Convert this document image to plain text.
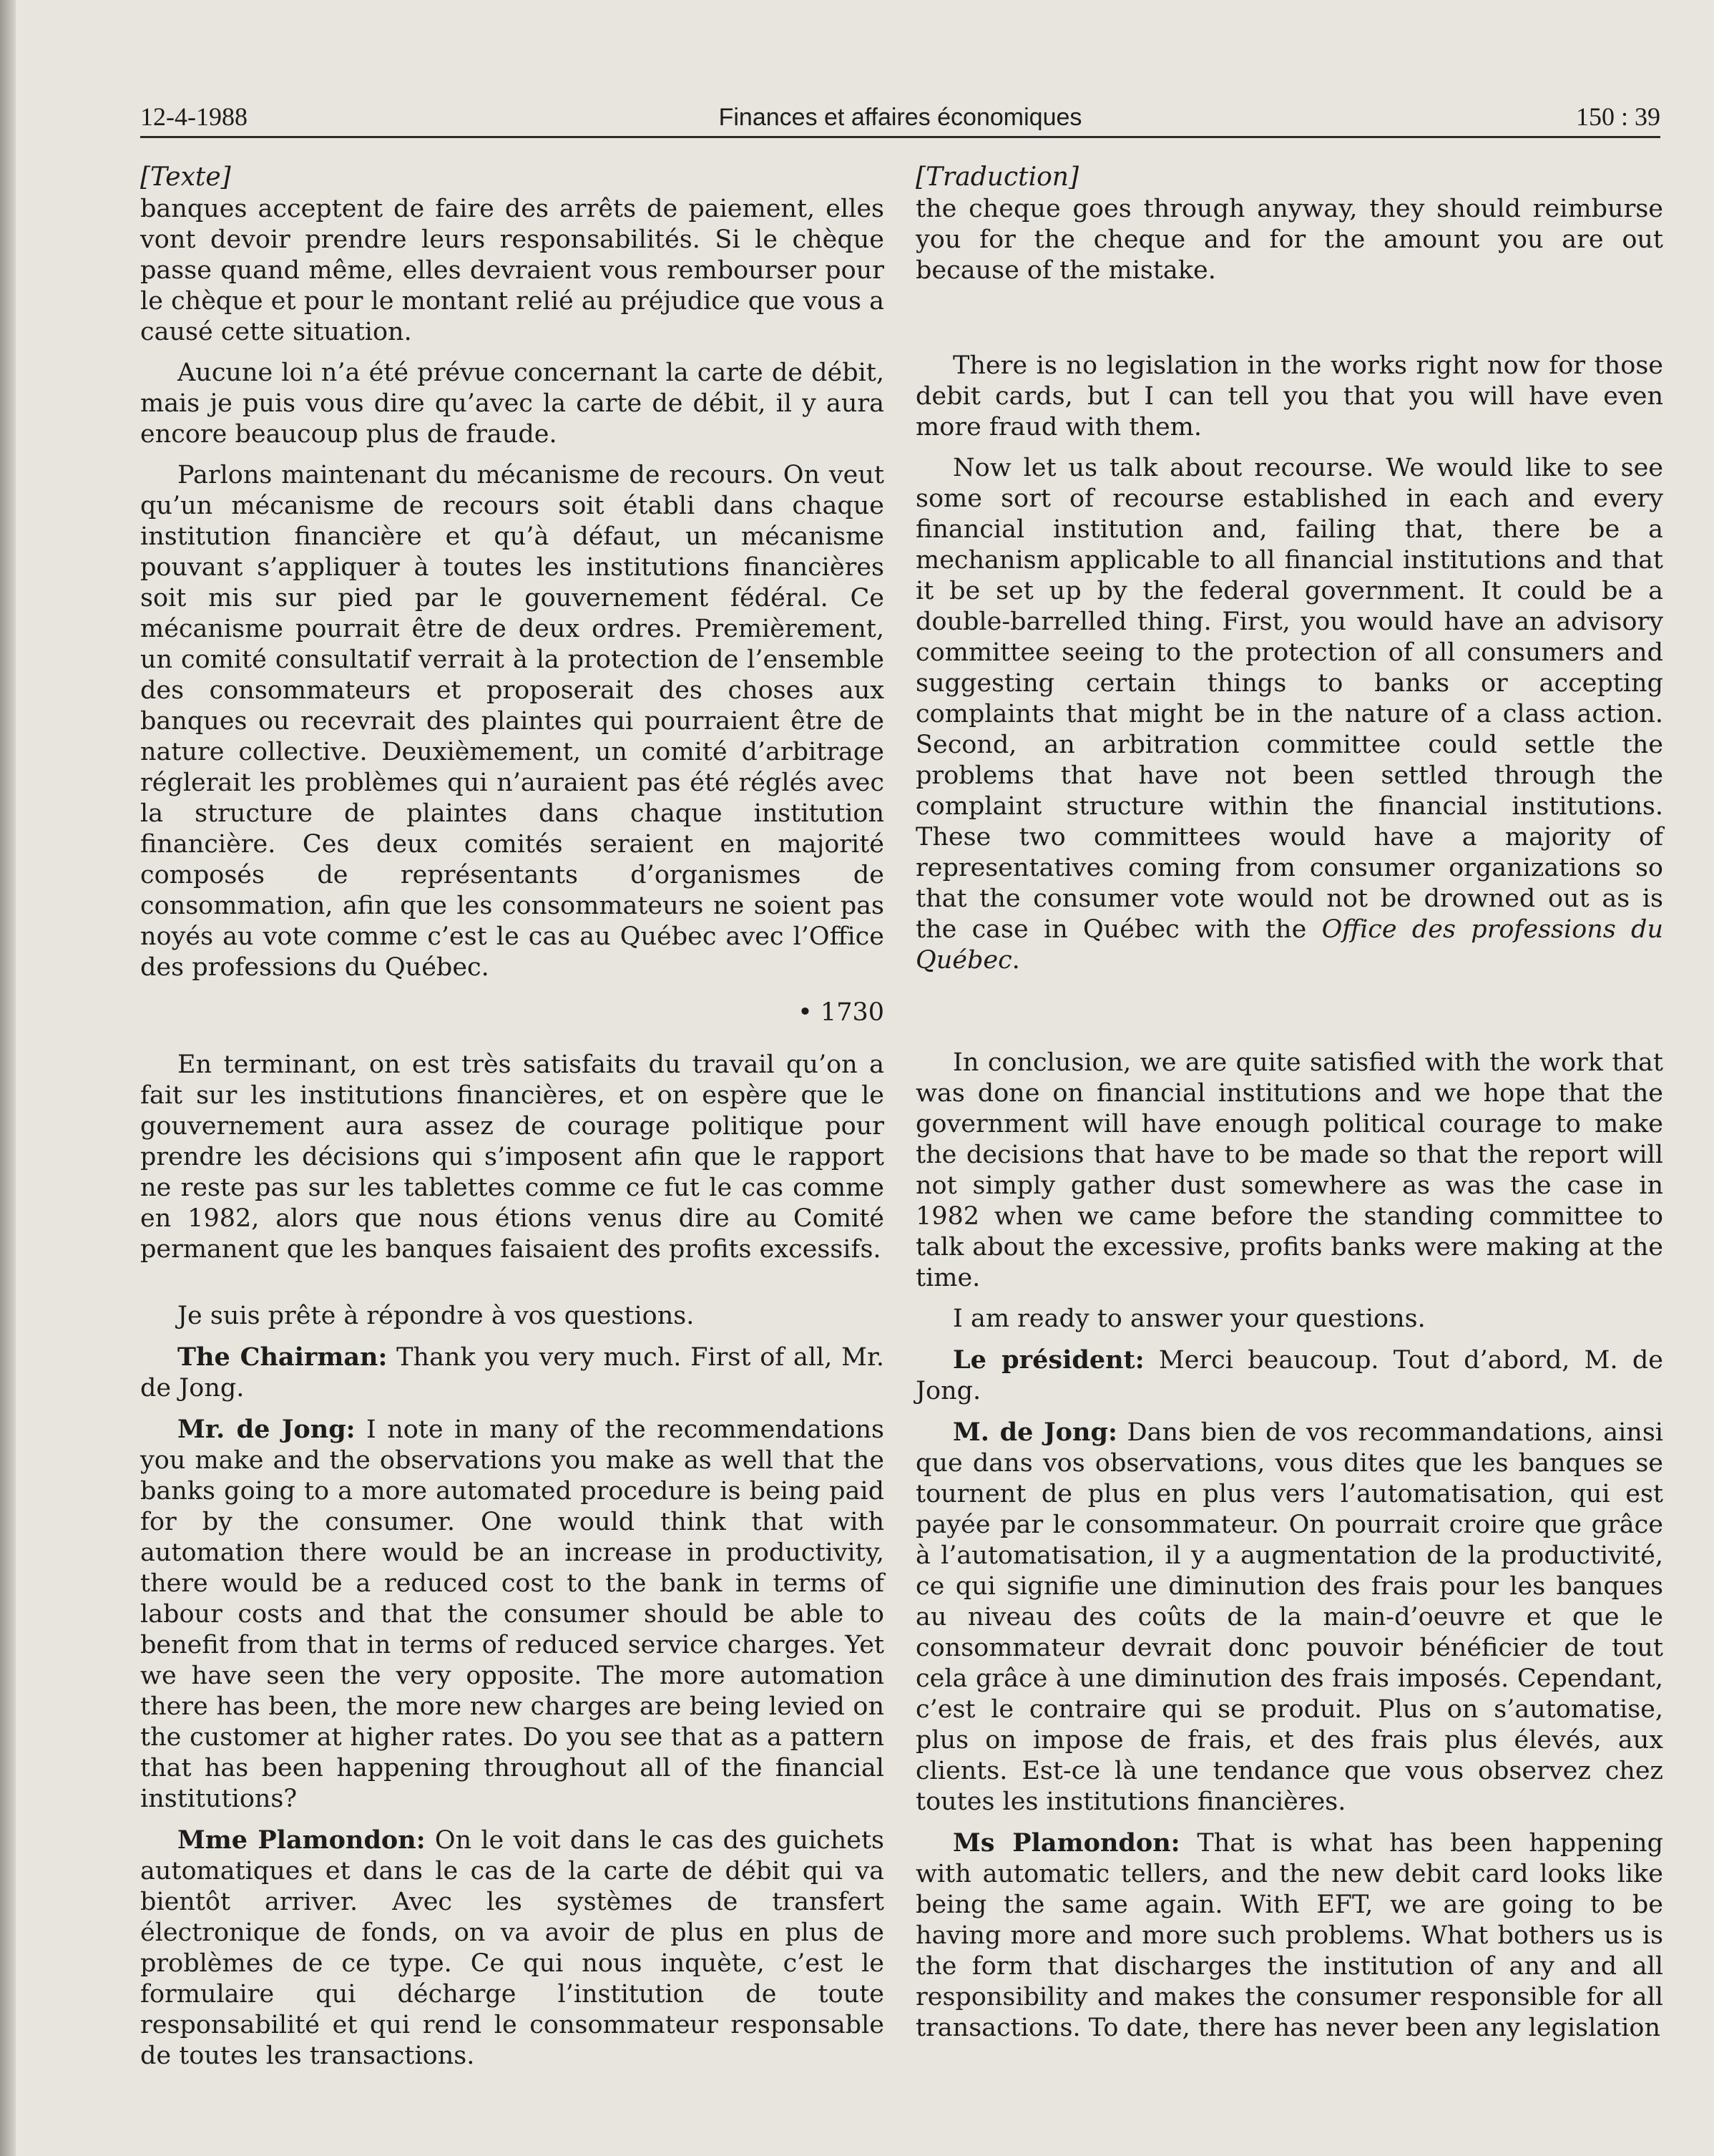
12-4-1988	Finances et affaires économiques	150 : 39

[Texte]

banques acceptent de faire des arrêts de paiement, elles vont devoir prendre leurs responsabilités. Si le chèque passe quand même, elles devraient vous rembourser pour le chèque et pour le montant relié au préjudice que vous a causé cette situation.

Aucune loi n’a été prévue concernant la carte de débit, mais je puis vous dire qu’avec la carte de débit, il y aura encore beaucoup plus de fraude.

Parlons maintenant du mécanisme de recours. On veut qu’un mécanisme de recours soit établi dans chaque institution financière et qu’à défaut, un mécanisme pouvant s’appliquer à toutes les institutions financières soit mis sur pied par le gouvernement fédéral. Ce mécanisme pourrait être de deux ordres. Premièrement, un comité consultatif verrait à la protection de l’ensemble des consommateurs et proposerait des choses aux banques ou recevrait des plaintes qui pourraient être de nature collective. Deuxièmement, un comité d’arbitrage réglerait les problèmes qui n’auraient pas été réglés avec la structure de plaintes dans chaque institution financière. Ces deux comités seraient en majorité composés de représentants d’organismes de consommation, afin que les consommateurs ne soient pas noyés au vote comme c’est le cas au Québec avec l’Office des professions du Québec.

• 1730

En terminant, on est très satisfaits du travail qu’on a fait sur les institutions financières, et on espère que le gouvernement aura assez de courage politique pour prendre les décisions qui s’imposent afin que le rapport ne reste pas sur les tablettes comme ce fut le cas comme en 1982, alors que nous étions venus dire au Comité permanent que les banques faisaient des profits excessifs.

Je suis prête à répondre à vos questions.

The Chairman: Thank you very much. First of all, Mr. de Jong.

Mr. de Jong: I note in many of the recommendations you make and the observations you make as well that the banks going to a more automated procedure is being paid for by the consumer. One would think that with automation there would be an increase in productivity, there would be a reduced cost to the bank in terms of labour costs and that the consumer should be able to benefit from that in terms of reduced service charges. Yet we have seen the very opposite. The more automation there has been, the more new charges are being levied on the customer at higher rates. Do you see that as a pattern that has been happening throughout all of the financial institutions?

Mme Plamondon: On le voit dans le cas des guichets automatiques et dans le cas de la carte de débit qui va bientôt arriver. Avec les systèmes de transfert électronique de fonds, on va avoir de plus en plus de problèmes de ce type. Ce qui nous inquète, c’est le formulaire qui décharge l’institution de toute responsabilité et qui rend le consommateur responsable de toutes les transactions.

[Traduction]

the cheque goes through anyway, they should reimburse you for the cheque and for the amount you are out because of the mistake.

There is no legislation in the works right now for those debit cards, but I can tell you that you will have even more fraud with them.

Now let us talk about recourse. We would like to see some sort of recourse established in each and every financial institution and, failing that, there be a mechanism applicable to all financial institutions and that it be set up by the federal government. It could be a double-barrelled thing. First, you would have an advisory committee seeing to the protection of all consumers and suggesting certain things to banks or accepting complaints that might be in the nature of a class action. Second, an arbitration committee could settle the problems that have not been settled through the complaint structure within the financial institutions. These two committees would have a majority of representatives coming from consumer organizations so that the consumer vote would not be drowned out as is the case in Québec with the Office des professions du Québec.

In conclusion, we are quite satisfied with the work that was done on financial institutions and we hope that the government will have enough political courage to make the decisions that have to be made so that the report will not simply gather dust somewhere as was the case in 1982 when we came before the standing committee to talk about the excessive, profits banks were making at the time.

I am ready to answer your questions.

Le président: Merci beaucoup. Tout d’abord, M. de Jong.

M. de Jong: Dans bien de vos recommandations, ainsi que dans vos observations, vous dites que les banques se tournent de plus en plus vers l’automatisation, qui est payée par le consommateur. On pourrait croire que grâce à l’automatisation, il y a augmentation de la productivité, ce qui signifie une diminution des frais pour les banques au niveau des coûts de la main-d’oeuvre et que le consommateur devrait donc pouvoir bénéficier de tout cela grâce à une diminution des frais imposés. Cependant, c’est le contraire qui se produit. Plus on s’automatise, plus on impose de frais, et des frais plus élevés, aux clients. Est-ce là une tendance que vous observez chez toutes les institutions financières.

Ms Plamondon: That is what has been happening with automatic tellers, and the new debit card looks like being the same again. With EFT, we are going to be having more and more such problems. What bothers us is the form that discharges the institution of any and all responsibility and makes the consumer responsible for all transactions. To date, there has never been any legislation
